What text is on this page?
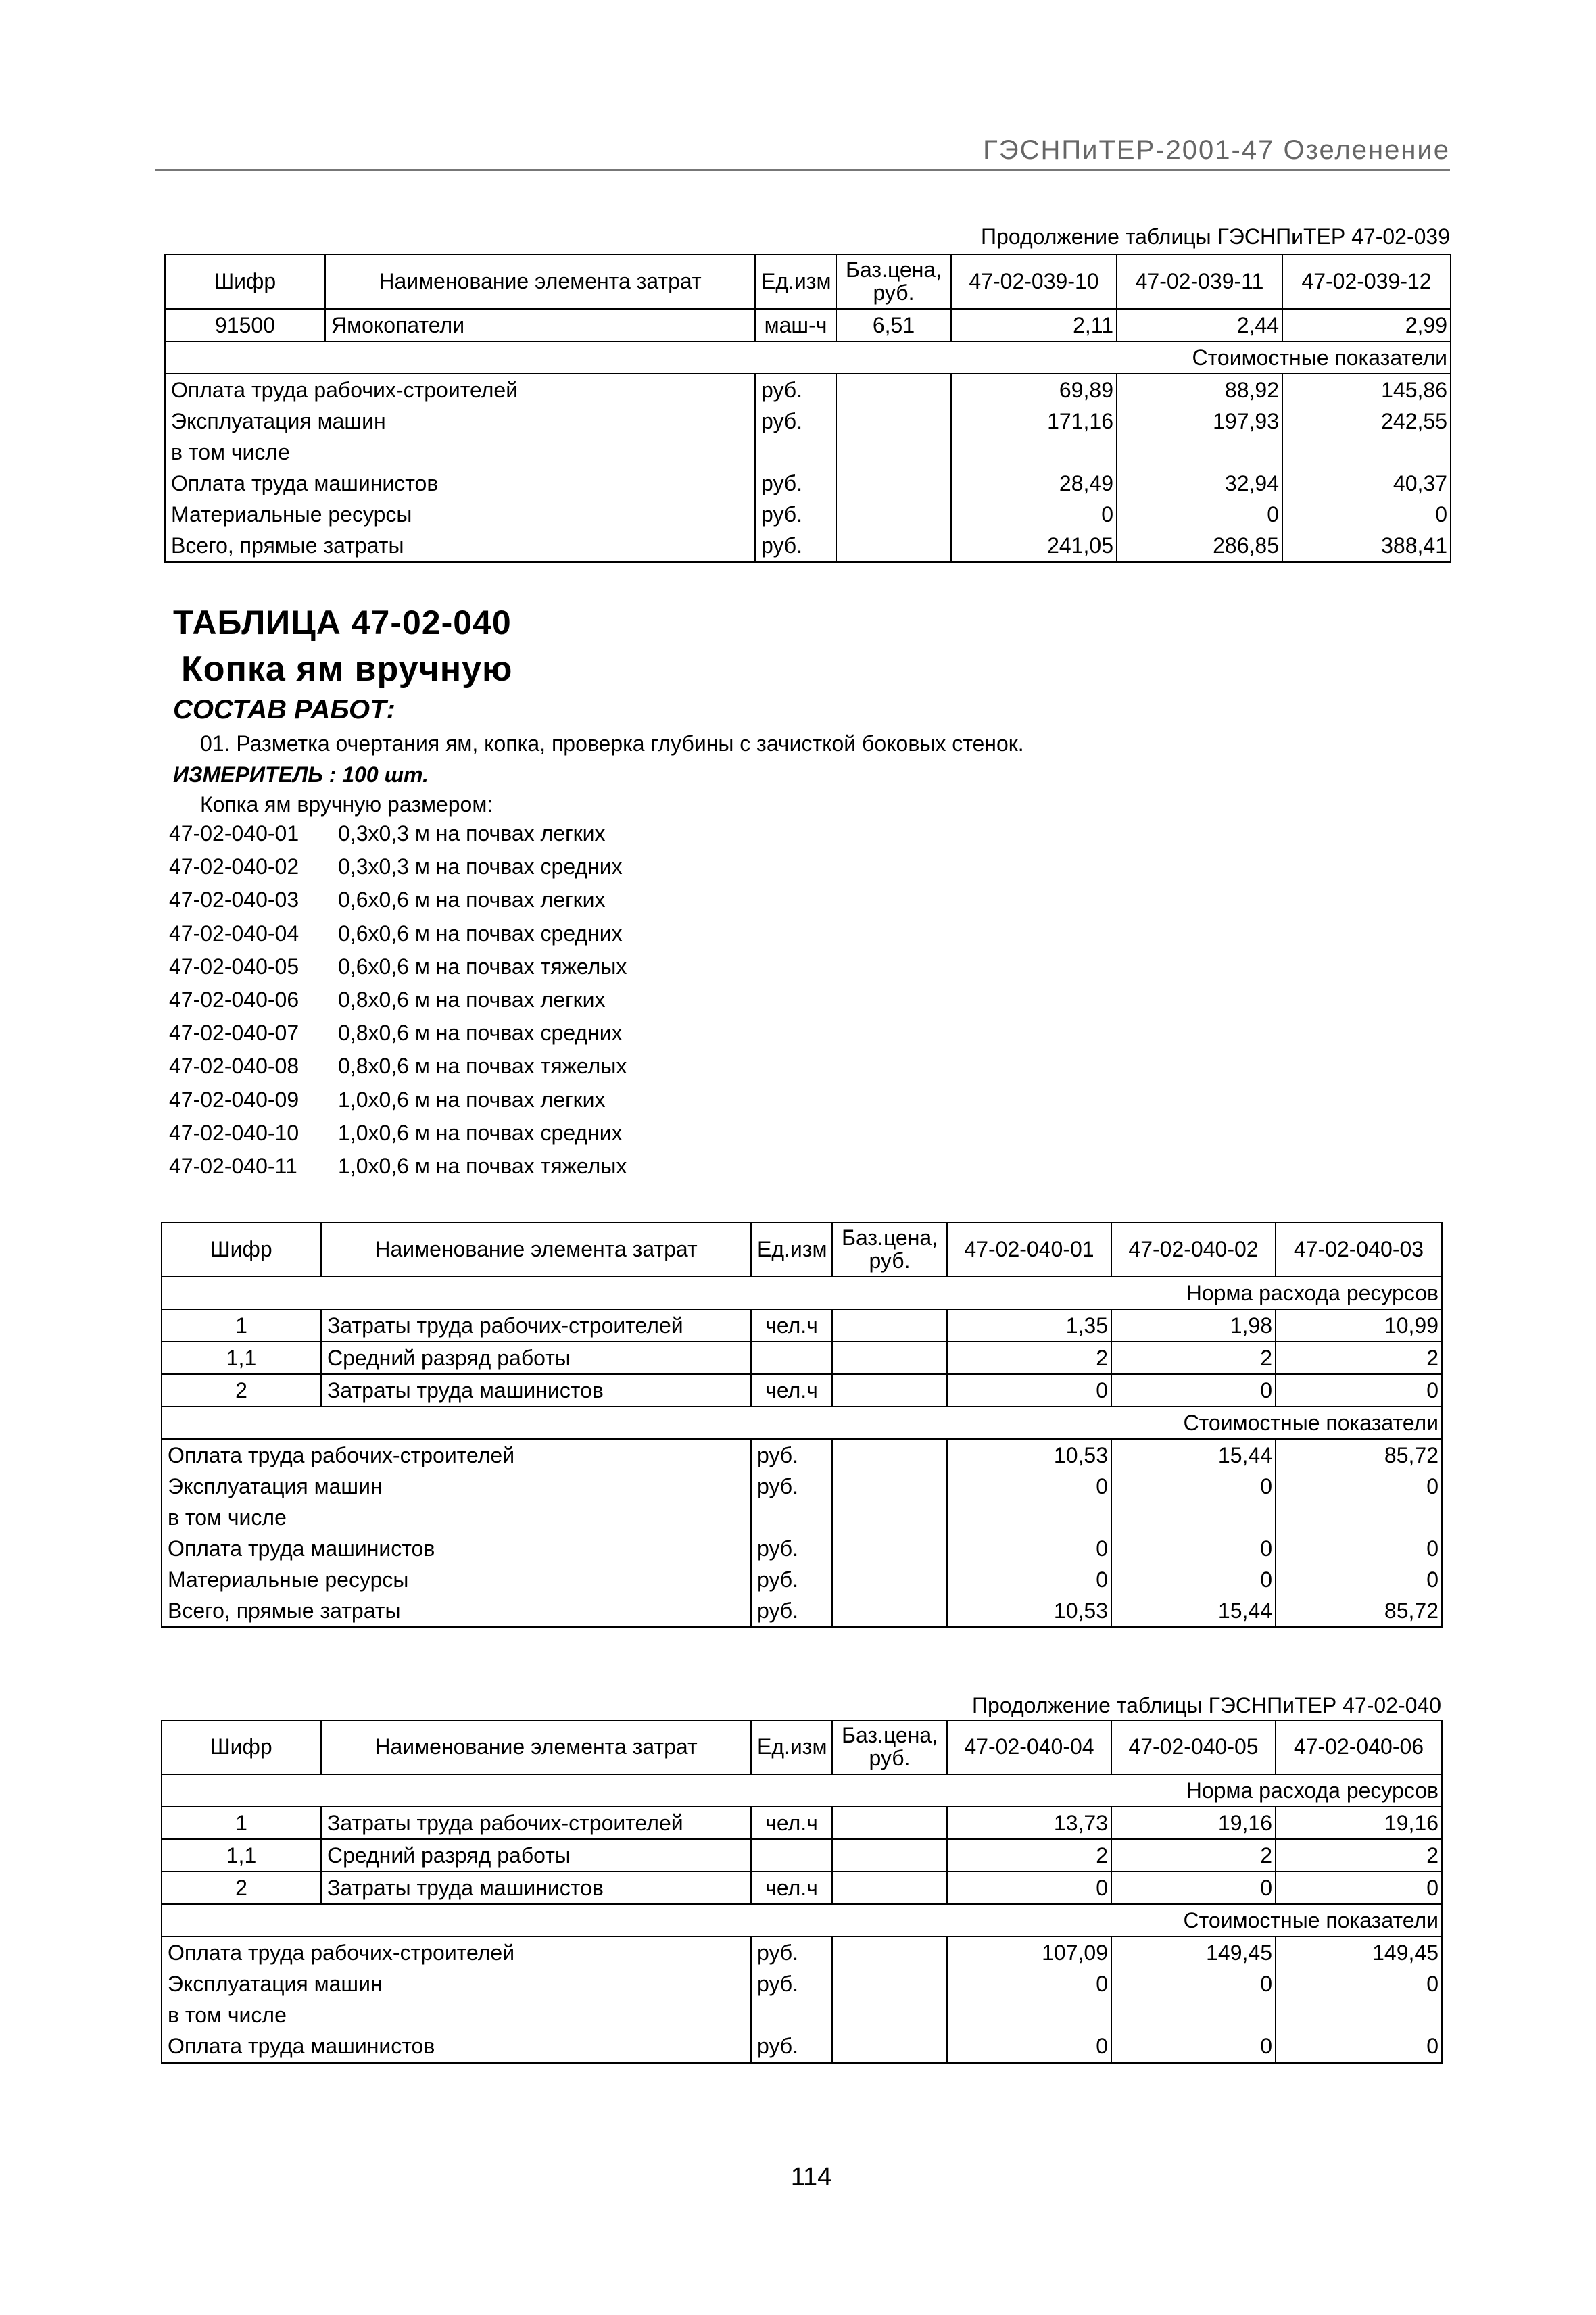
ГЭСНПиТЕР-2001-47 Озеленение
Продолжение таблицы ГЭСНПиТЕР 47-02-039
Шифр	Наименование элемента затрат	Ед.изм	Баз.цена, руб.	47-02-039-10	47-02-039-11	47-02-039-12
91500	Ямокопатели	маш-ч	6,51	2,11	2,44	2,99
Стоимостные показатели						
Оплата труда рабочих-строителей		руб.		69,89	88,92	145,86
Эксплуатация машин		руб.		171,16	197,93	242,55
в том числе						
Оплата труда машинистов		руб.		28,49	32,94	40,37
Материальные ресурсы		руб.		0	0	0
Всего, прямые затраты		руб.		241,05	286,85	388,41
ТАБЛИЦА 47-02-040
Копка ям вручную
СОСТАВ РАБОТ:
01. Разметка очертания ям, копка, проверка глубины с зачисткой боковых стенок.
ИЗМЕРИТЕЛЬ : 100 шт.
Копка ям вручную размером:
47-02-040-01	0,3х0,3 м на почвах легких
47-02-040-02	0,3х0,3 м на почвах средних
47-02-040-03	0,6х0,6 м на почвах легких
47-02-040-04	0,6х0,6 м на почвах средних
47-02-040-05	0,6х0,6 м на почвах тяжелых
47-02-040-06	0,8х0,6 м на почвах легких
47-02-040-07	0,8х0,6 м на почвах средних
47-02-040-08	0,8х0,6 м на почвах тяжелых
47-02-040-09	1,0х0,6 м на почвах легких
47-02-040-10	1,0х0,6 м на почвах средних
47-02-040-11	1,0х0,6 м на почвах тяжелых
Шифр	Наименование элемента затрат	Ед.изм	Баз.цена, руб.	47-02-040-01	47-02-040-02	47-02-040-03
Норма расхода ресурсов						
1	Затраты труда рабочих-строителей	чел.ч		1,35	1,98	10,99
1,1	Средний разряд работы			2	2	2
2	Затраты труда машинистов	чел.ч		0	0	0
Стоимостные показатели						
Оплата труда рабочих-строителей		руб.		10,53	15,44	85,72
Эксплуатация машин		руб.		0	0	0
в том числе						
Оплата труда машинистов		руб.		0	0	0
Материальные ресурсы		руб.		0	0	0
Всего, прямые затраты		руб.		10,53	15,44	85,72
Продолжение таблицы ГЭСНПиТЕР 47-02-040
Шифр	Наименование элемента затрат	Ед.изм	Баз.цена, руб.	47-02-040-04	47-02-040-05	47-02-040-06
Норма расхода ресурсов						
1	Затраты труда рабочих-строителей	чел.ч		13,73	19,16	19,16
1,1	Средний разряд работы			2	2	2
2	Затраты труда машинистов	чел.ч		0	0	0
Стоимостные показатели						
Оплата труда рабочих-строителей		руб.		107,09	149,45	149,45
Эксплуатация машин		руб.		0	0	0
в том числе						
Оплата труда машинистов		руб.		0	0	0
114
